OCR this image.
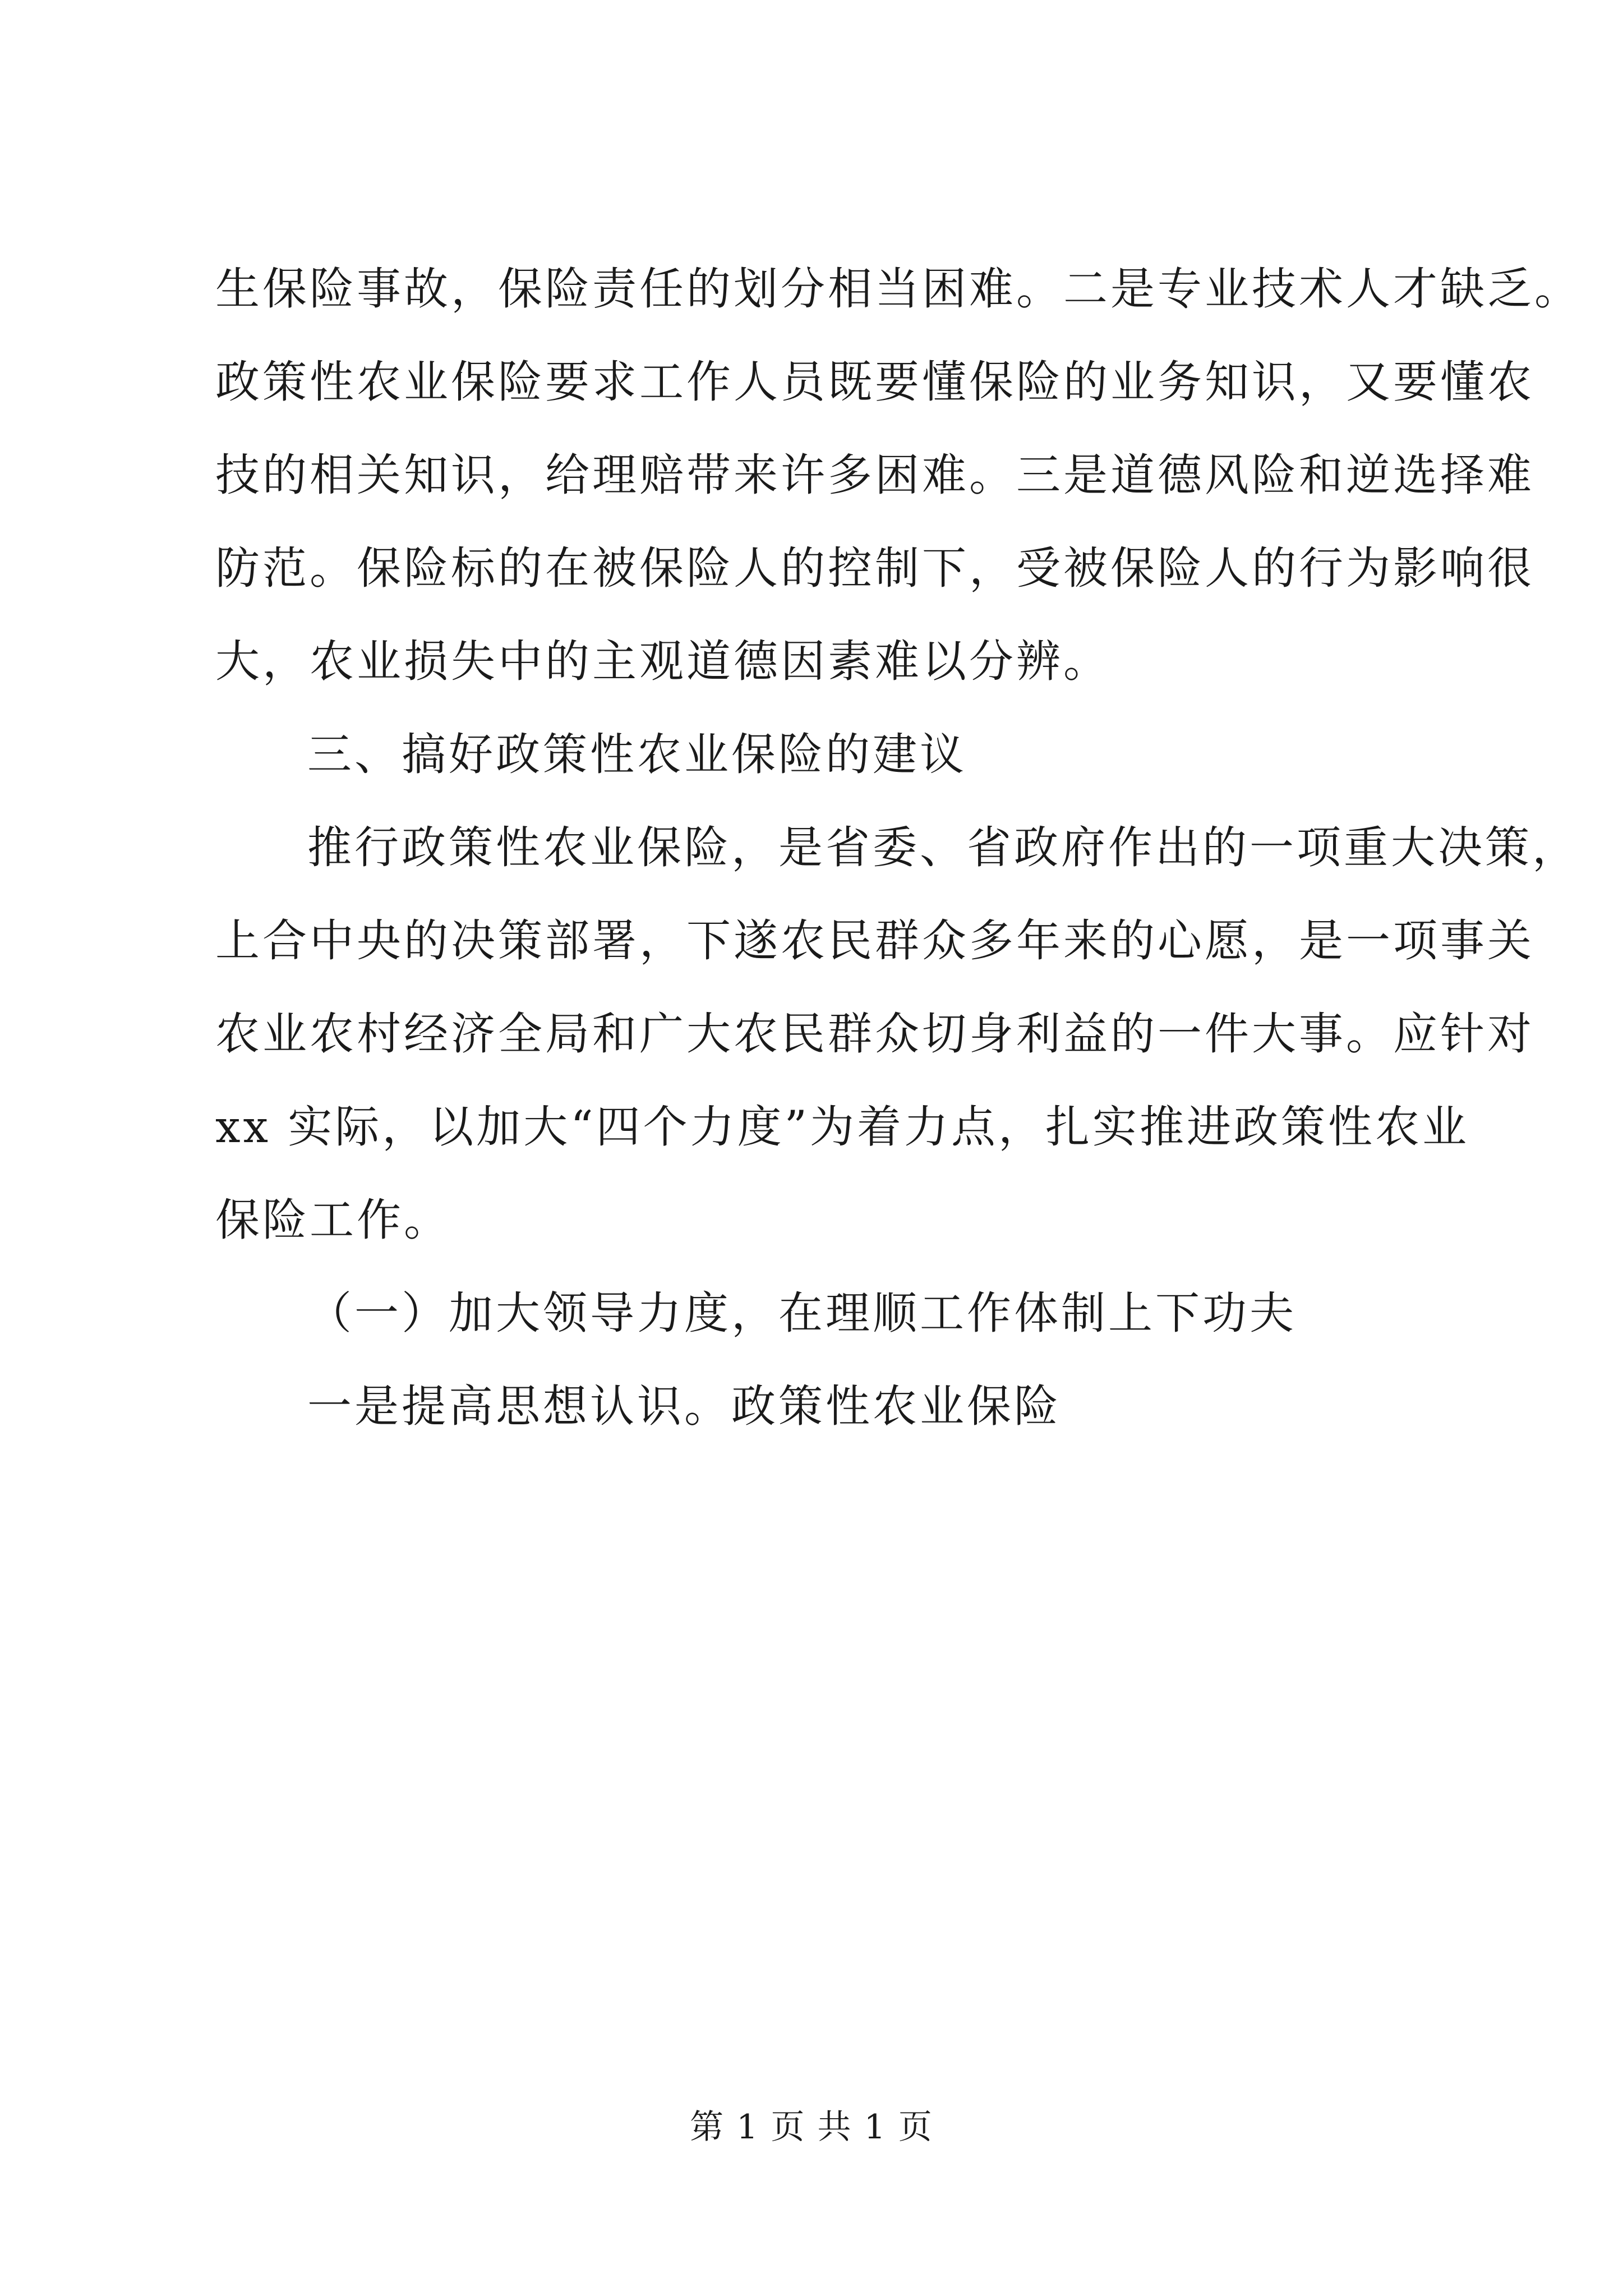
生保险事故，保险责任的划分相当困难。二是专业技术人才缺乏。
政策性农业保险要求工作人员既要懂保险的业务知识，又要懂农
技的相关知识，给理赔带来许多困难。三是道德风险和逆选择难
防范。保险标的在被保险人的控制下，受被保险人的行为影响很
大，农业损失中的主观道德因素难以分辨。
三、搞好政策性农业保险的建议
推行政策性农业保险，是省委、省政府作出的一项重大决策，
上合中央的决策部署，下遂农民群众多年来的心愿，是一项事关
农业农村经济全局和广大农民群众切身利益的一件大事。应针对
xx 实际，以加大“四个力度”为着力点，扎实推进政策性农业
保险工作。
（一）加大领导力度，在理顺工作体制上下功夫
一是提高思想认识。政策性农业保险
第 1 页 共 1 页
